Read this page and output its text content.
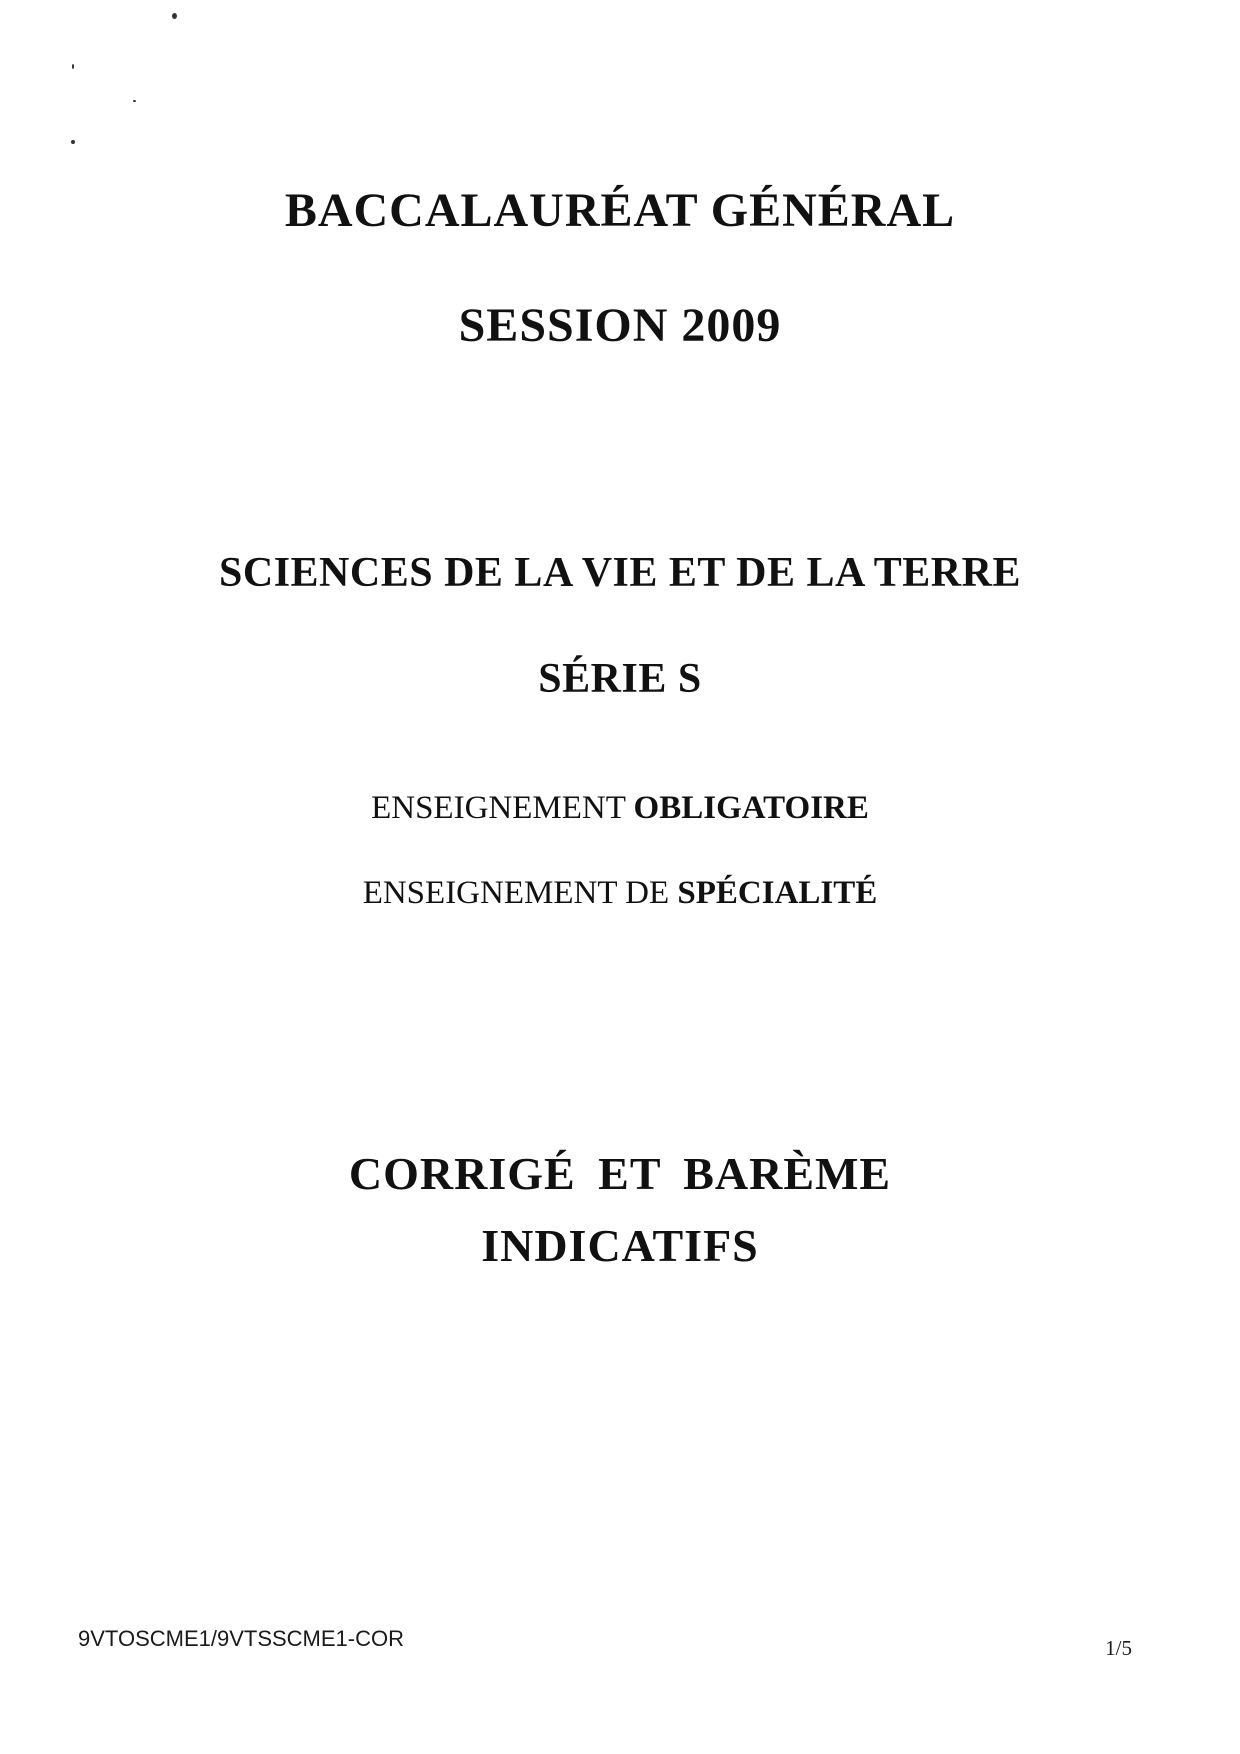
BACCALAURÉAT GÉNÉRAL
SESSION 2009
SCIENCES DE LA VIE ET DE LA TERRE
SÉRIE S
ENSEIGNEMENT OBLIGATOIRE
ENSEIGNEMENT DE SPÉCIALITÉ
CORRIGÉ ET BARÈME
INDICATIFS
9VTOSCME1/9VTSSCME1-COR	1/5
